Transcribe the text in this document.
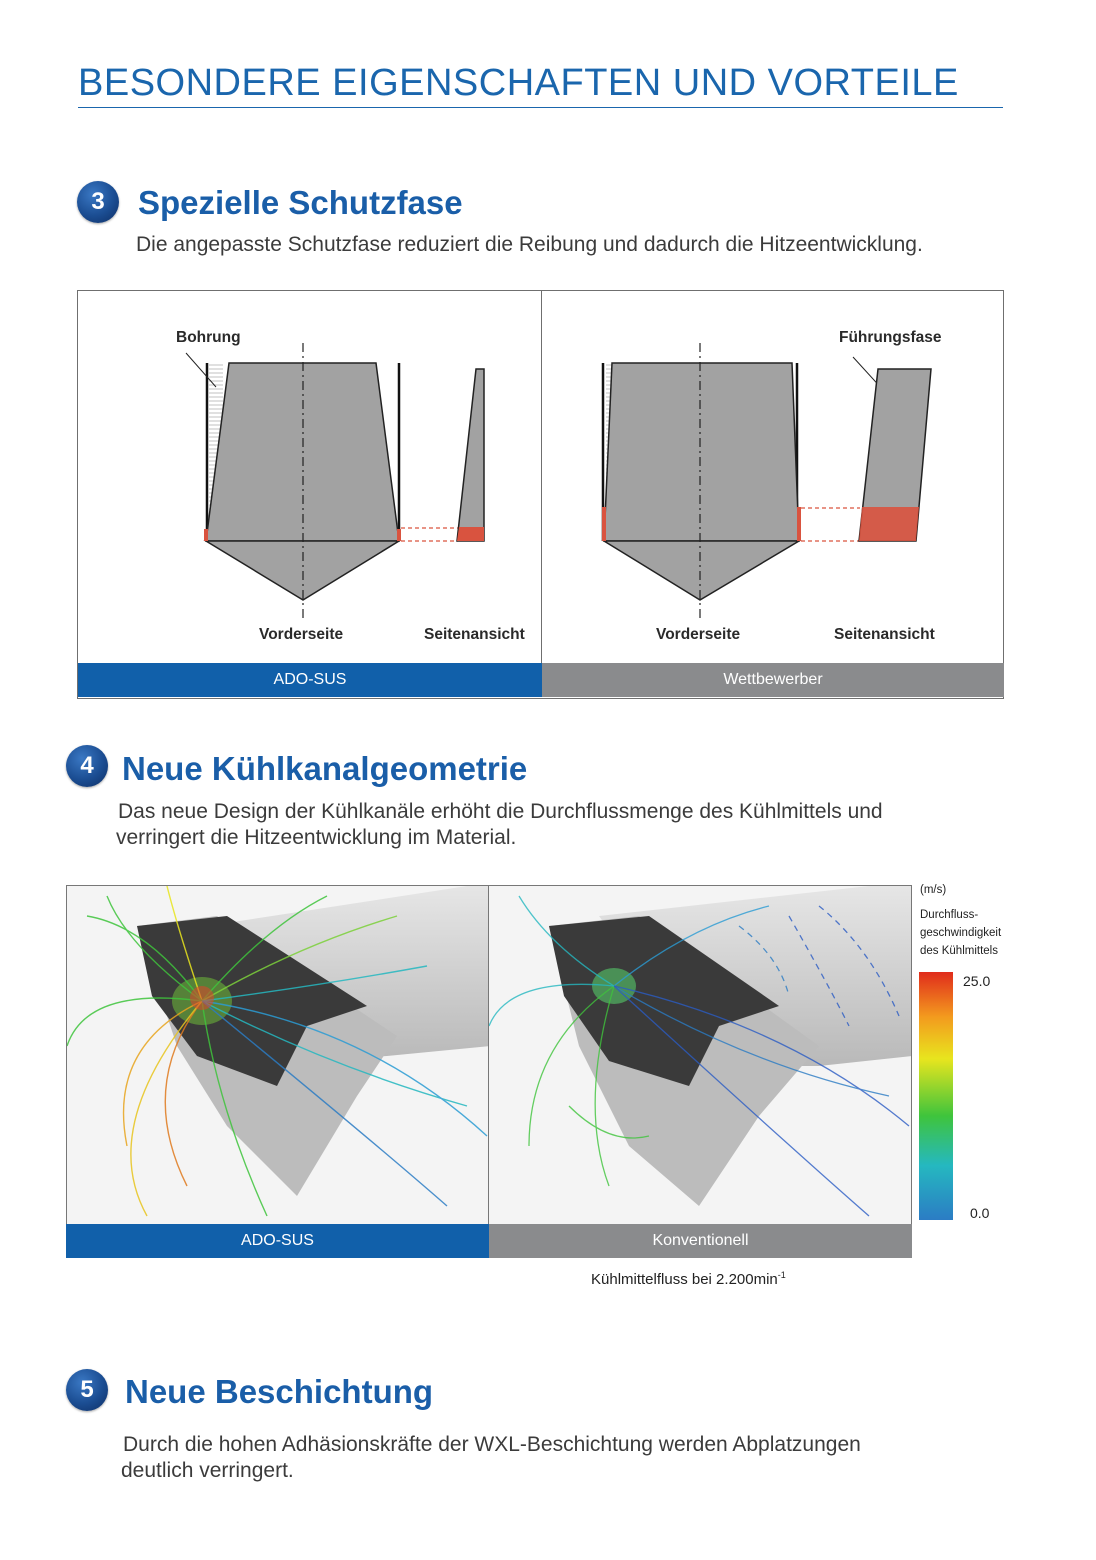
BESONDERE EIGENSCHAFTEN UND VORTEILE
3	Spezielle Schutzfase

Die angepasste Schutzfase reduziert die Reibung und dadurch die Hitzeentwicklung.

Bohrung
Vorderseite	Seitenansicht
Führungsfase
Vorderseite	Seitenansicht
ADO-SUS	Wettbewerber
4 Neue Kühlkanalgeometrie

Das neue Design der Kühlkanäle erhöht die Durchflussmenge des Kühlmittels und

verringert die Hitzeentwicklung im Material.

ADO-SUS	Konventionell
(m/s)
Durchfluss-
geschwindigkeit
des Kühlmittels
25.0
0.0
Kühlmittelfluss bei $2.200\min^{-1}$
5 Neue Beschichtung

Durch die hohen Adhäsionskräfte der WXL-Beschichtung werden Abplatzungen

deutlich verringert.
